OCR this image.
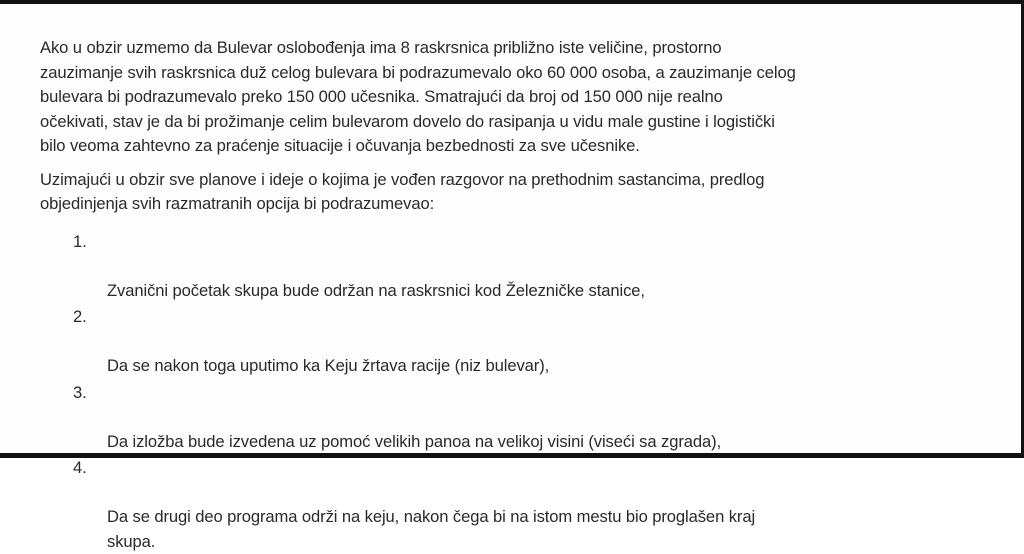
Ako u obzir uzmemo da Bulevar oslobođenja ima 8 raskrsnica približno iste veličine, prostorno
zauzimanje svih raskrsnica duž celog bulevara bi podrazumevalo oko 60 000 osoba, a zauzimanje celog
bulevara bi podrazumevalo preko 150 000 učesnika. Smatrajući da broj od 150 000 nije realno
očekivati, stav je da bi prožimanje celim bulevarom dovelo do rasipanja u vidu male gustine i logistički
bilo veoma zahtevno za praćenje situacije i očuvanja bezbednosti za sve učesnike.

Uzimajući u obzir sve planove i ideje o kojima je vođen razgovor na prethodnim sastancima, predlog
objedinjenja svih razmatranih opcija bi podrazumevao:

1.

Zvanični početak skupa bude održan na raskrsnici kod Železničke stanice,

2.

Da se nakon toga uputimo ka Keju žrtava racije (niz bulevar),

3.

Da izložba bude izvedena uz pomoć velikih panoa na velikoj visini (viseći sa zgrada),

4.

Da se drugi deo programa održi na keju, nakon čega bi na istom mestu bio proglašen kraj
skupa.
